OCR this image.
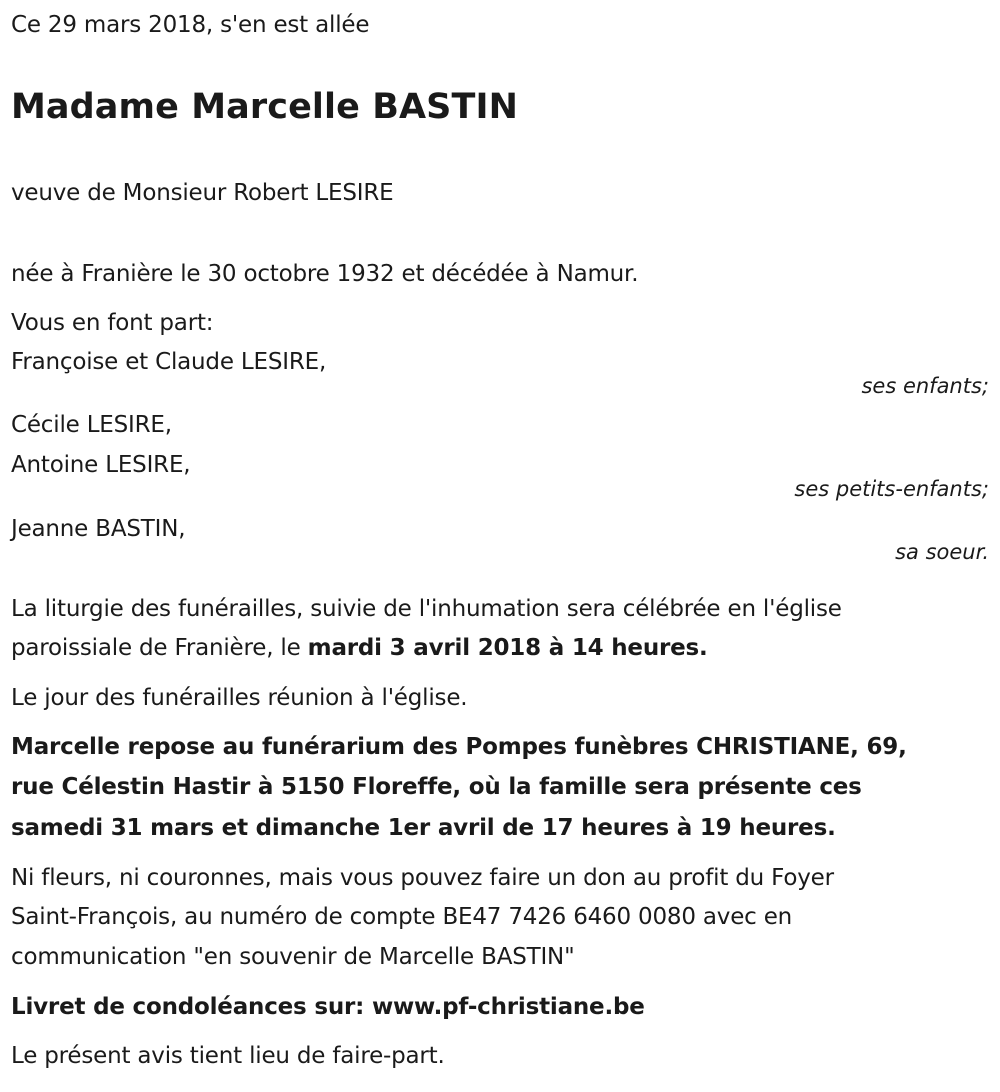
Ce 29 mars 2018, s'en est allée
Madame Marcelle BASTIN
veuve de Monsieur Robert LESIRE
née à Franière le 30 octobre 1932 et décédée à Namur.
Vous en font part:
Françoise et Claude LESIRE,
ses enfants;
Cécile LESIRE,
Antoine LESIRE,
ses petits-enfants;
Jeanne BASTIN,
sa soeur.
La liturgie des funérailles, suivie de l'inhumation sera célébrée en l'église
paroissiale de Franière, le mardi 3 avril 2018 à 14 heures.
Le jour des funérailles réunion à l'église.
Marcelle repose au funérarium des Pompes funèbres CHRISTIANE, 69,
rue Célestin Hastir à 5150 Floreffe, où la famille sera présente ces
samedi 31 mars et dimanche 1er avril de 17 heures à 19 heures.
Ni fleurs, ni couronnes, mais vous pouvez faire un don au profit du Foyer
Saint-François, au numéro de compte BE47 7426 6460 0080 avec en
communication "en souvenir de Marcelle BASTIN"
Livret de condoléances sur: www.pf-christiane.be
Le présent avis tient lieu de faire-part.
